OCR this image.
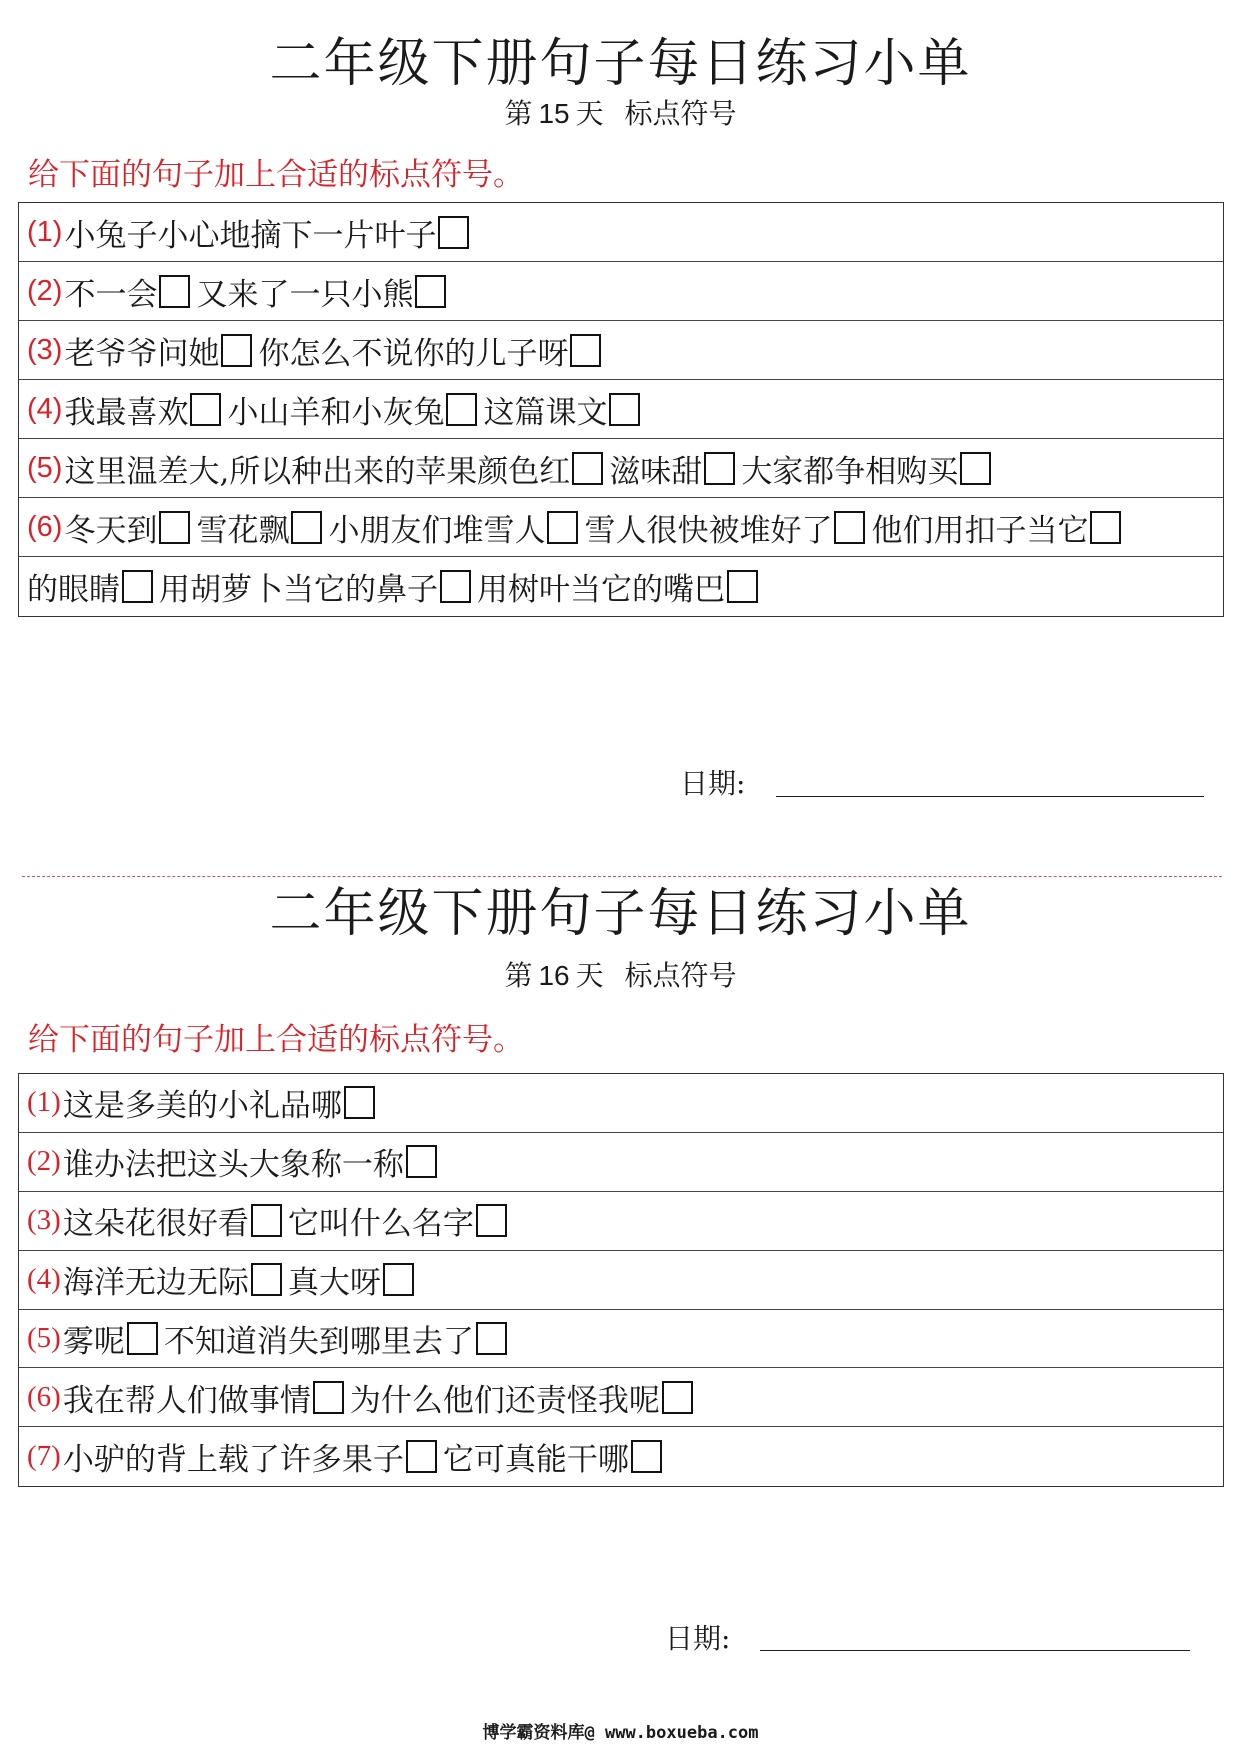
二年级下册句子每日练习小单
第 15 天 标点符号
给下面的句子加上合适的标点符号。
(1) 小兔子小心地摘下一片叶子
(2) 不一会 又来了一只小熊
(3) 老爷爷问她 你怎么不说你的儿子呀
(4) 我最喜欢 小山羊和小灰兔 这篇课文
(5) 这里温差大,所以种出来的苹果颜色红 滋味甜 大家都争相购买
(6) 冬天到 雪花飘 小朋友们堆雪人 雪人很快被堆好了 他们用扣子当它
的眼睛 用胡萝卜当它的鼻子 用树叶当它的嘴巴
日期:
二年级下册句子每日练习小单
第 16 天 标点符号
给下面的句子加上合适的标点符号。
(1) 这是多美的小礼品哪
(2) 谁办法把这头大象称一称
(3) 这朵花很好看 它叫什么名字
(4) 海洋无边无际 真大呀
(5) 雾呢 不知道消失到哪里去了
(6) 我在帮人们做事情 为什么他们还责怪我呢
(7) 小驴的背上载了许多果子 它可真能干哪
日期:
博学霸资料库@ www.boxueba.com
